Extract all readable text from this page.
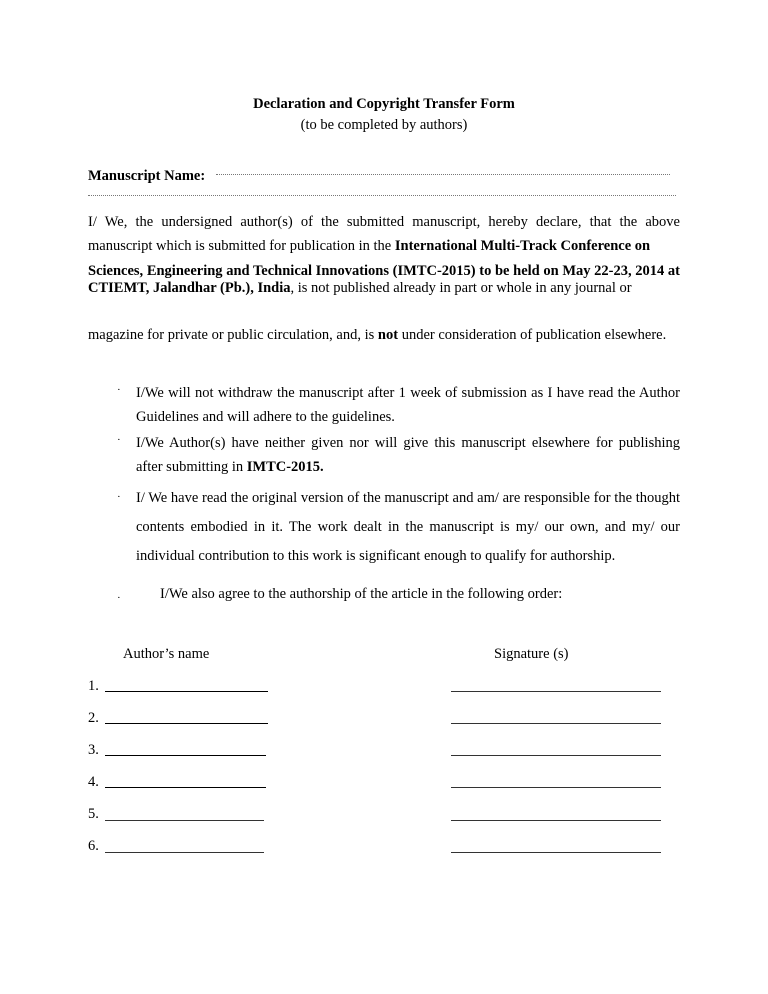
Declaration and Copyright Transfer Form
(to be completed by authors)
Manuscript Name:
I/ We, the undersigned author(s) of the submitted manuscript, hereby declare, that the above manuscript which is submitted for publication in the International Multi-Track Conference on
Sciences, Engineering and Technical Innovations (IMTC-2015) to be held on May 22-23, 2014 at CTIEMT, Jalandhar (Pb.), India, is not published already in part or whole in any journal or
magazine for private or public circulation, and, is not under consideration of publication elsewhere.
· I/We will not withdraw the manuscript after 1 week of submission as I have read the Author Guidelines and will adhere to the guidelines.
· I/We Author(s) have neither given nor will give this manuscript elsewhere for publishing after submitting in IMTC-2015.
· I/ We have read the original version of the manuscript and am/ are responsible for the thought contents embodied in it. The work dealt in the manuscript is my/ our own, and my/ our individual contribution to this work is significant enough to qualify for authorship.
·	I/We also agree to the authorship of the article in the following order:
Author’s name	Signature (s)
1.
2.
3.
4.
5.
6.
